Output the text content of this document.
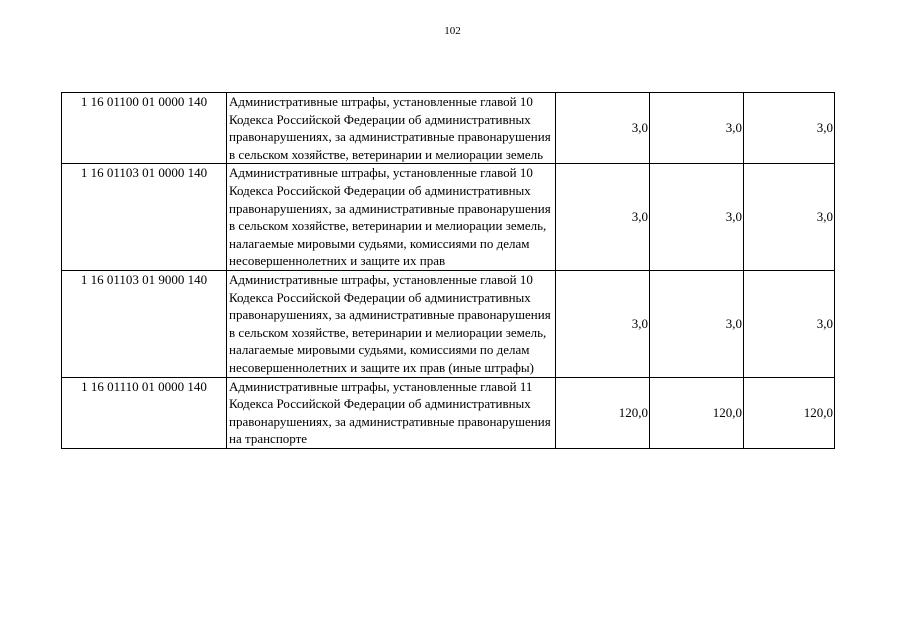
102
1 16 01100 01 0000 140	Административные штрафы, установленные главой 10 Кодекса Российской Федерации об административных правонарушениях, за административные правонарушения в сельском хозяйстве, ветеринарии и мелиорации земель	3,0	3,0	3,0
1 16 01103 01 0000 140	Административные штрафы, установленные главой 10 Кодекса Российской Федерации об административных правонарушениях, за административные правонарушения в сельском хозяйстве, ветеринарии и мелиорации земель, налагаемые мировыми судьями, комиссиями по делам несовершеннолетних и защите их прав	3,0	3,0	3,0
1 16 01103 01 9000 140	Административные штрафы, установленные главой 10 Кодекса Российской Федерации об административных правонарушениях, за административные правонарушения в сельском хозяйстве, ветеринарии и мелиорации земель, налагаемые мировыми судьями, комиссиями по делам несовершеннолетних и защите их прав (иные штрафы)	3,0	3,0	3,0
1 16 01110 01 0000 140	Административные штрафы, установленные главой 11 Кодекса Российской Федерации об административных правонарушениях, за административные правонарушения на транспорте	120,0	120,0	120,0
